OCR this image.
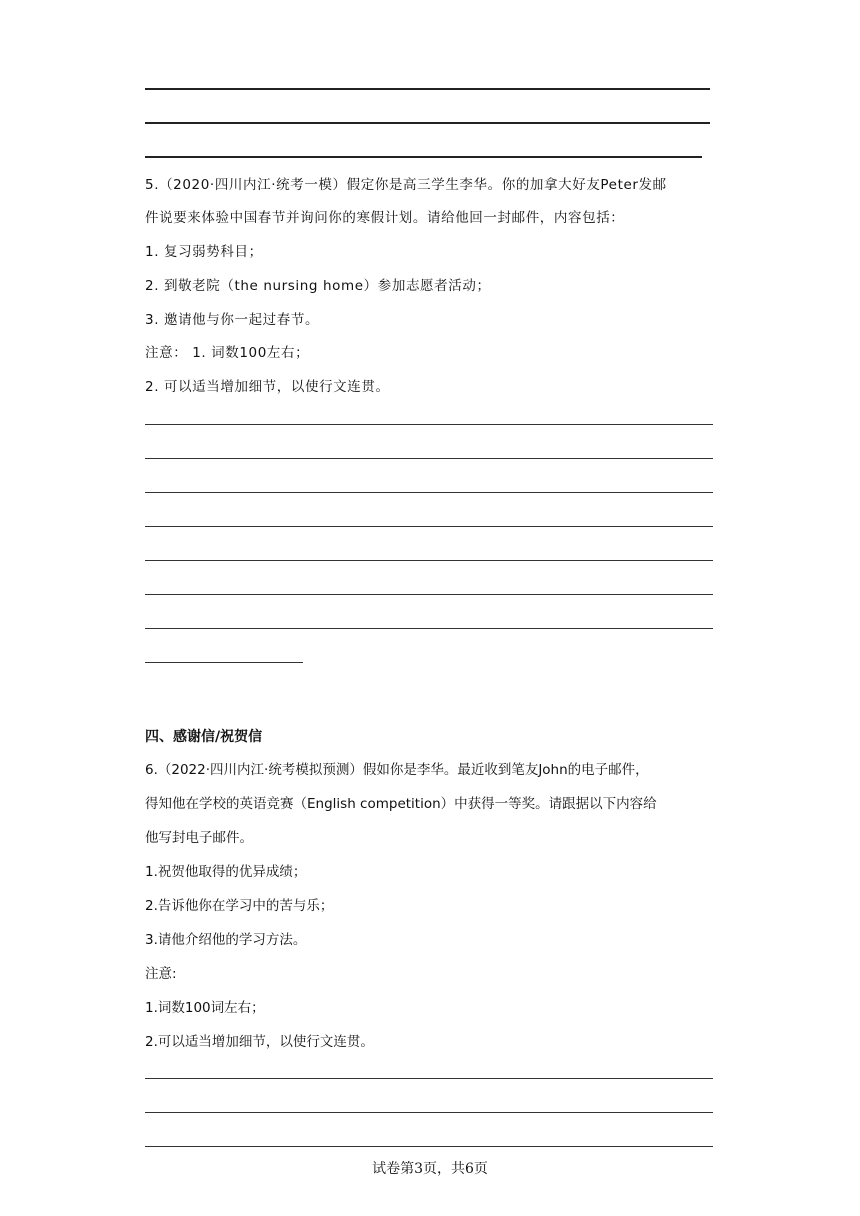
5.（2020·四川内江·统考一模）假定你是高三学生李华。你的加拿大好友Peter发邮
件说要来体验中国春节并询问你的寒假计划。请给他回一封邮件，内容包括：
1. 复习弱势科目；
2. 到敬老院（the nursing home）参加志愿者活动；
3. 邀请他与你一起过春节。
注意： 1. 词数100左右；
2. 可以适当增加细节，以使行文连贯。
四、感谢信/祝贺信
6.（2022·四川内江·统考模拟预测）假如你是李华。最近收到笔友John的电子邮件，
得知他在学校的英语竞赛（English competition）中获得一等奖。请跟据以下内容给
他写封电子邮件。
1.祝贺他取得的优异成绩；
2.告诉他你在学习中的苦与乐；
3.请他介绍他的学习方法。
注意:
1.词数100词左右；
2.可以适当增加细节，以使行文连贯。
试卷第3页，共6页
